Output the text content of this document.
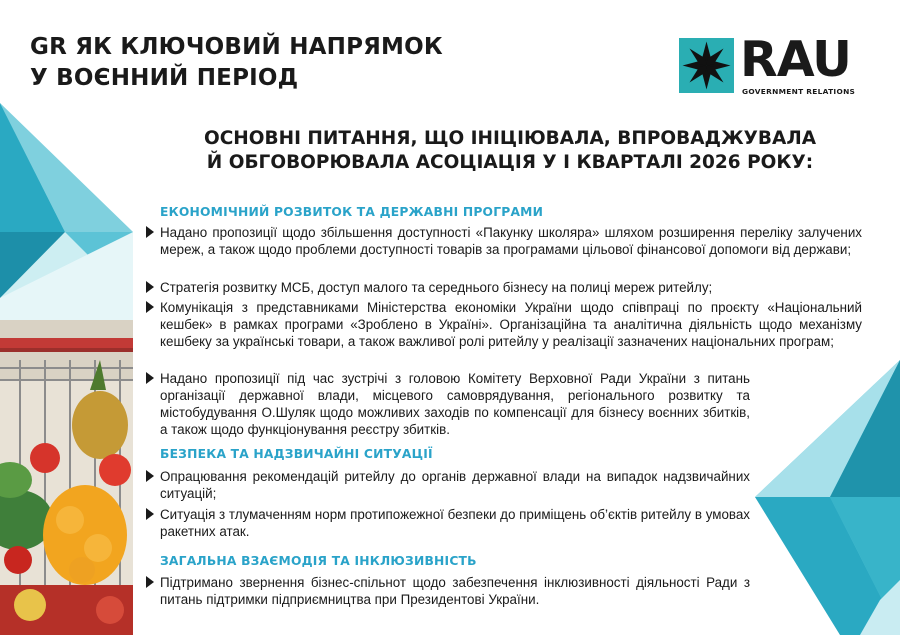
GR ЯК КЛЮЧОВИЙ НАПРЯМОК
У ВОЄННИЙ ПЕРІОД	RAU
GOVERNMENT RELATIONS
ОСНОВНІ ПИТАННЯ, ЩО ІНІЦІЮВАЛА, ВПРОВАДЖУВАЛА
Й ОБГОВОРЮВАЛА АСОЦІАЦІЯ У І КВАРТАЛІ 2026 РОКУ:
ЕКОНОМІЧНИЙ РОЗВИТОК ТА ДЕРЖАВНІ ПРОГРАМИ
Надано пропозиції щодо збільшення доступності «Пакунку школяра» шляхом розширення переліку залучених мереж, а також щодо проблеми доступності товарів за програмами цільової фінансової допомоги від держави;
Стратегія розвитку МСБ, доступ малого та середнього бізнесу на полиці мереж ритейлу;
Комунікація з представниками Міністерства економіки України щодо співпраці по проєкту «Національний кешбек» в рамках програми «Зроблено в Україні». Організаційна та аналітична діяльність щодо механізму кешбеку за українські товари, а також важливої ролі ритейлу у реалізації зазначених національних програм;
Надано пропозиції під час зустрічі з головою Комітету Верховної Ради України з питань організації державної влади, місцевого самоврядування, регіонального розвитку та містобудування О.Шуляк щодо можливих заходів по компенсації для бізнесу воєнних збитків, а також щодо функціонування реєстру збитків.
БЕЗПЕКА ТА НАДЗВИЧАЙНІ СИТУАЦІЇ
Опрацювання рекомендацій ритейлу до органів державної влади на випадок надзвичайних ситуацій;
Ситуація з тлумаченням норм протипожежної безпеки до приміщень об’єктів ритейлу в умовах ракетних атак.
ЗАГАЛЬНА ВЗАЄМОДІЯ ТА ІНКЛЮЗИВНІСТЬ
Підтримано звернення бізнес-спільнот щодо забезпечення інклюзивності діяльності Ради з питань підтримки підприємництва при Президентові України.
